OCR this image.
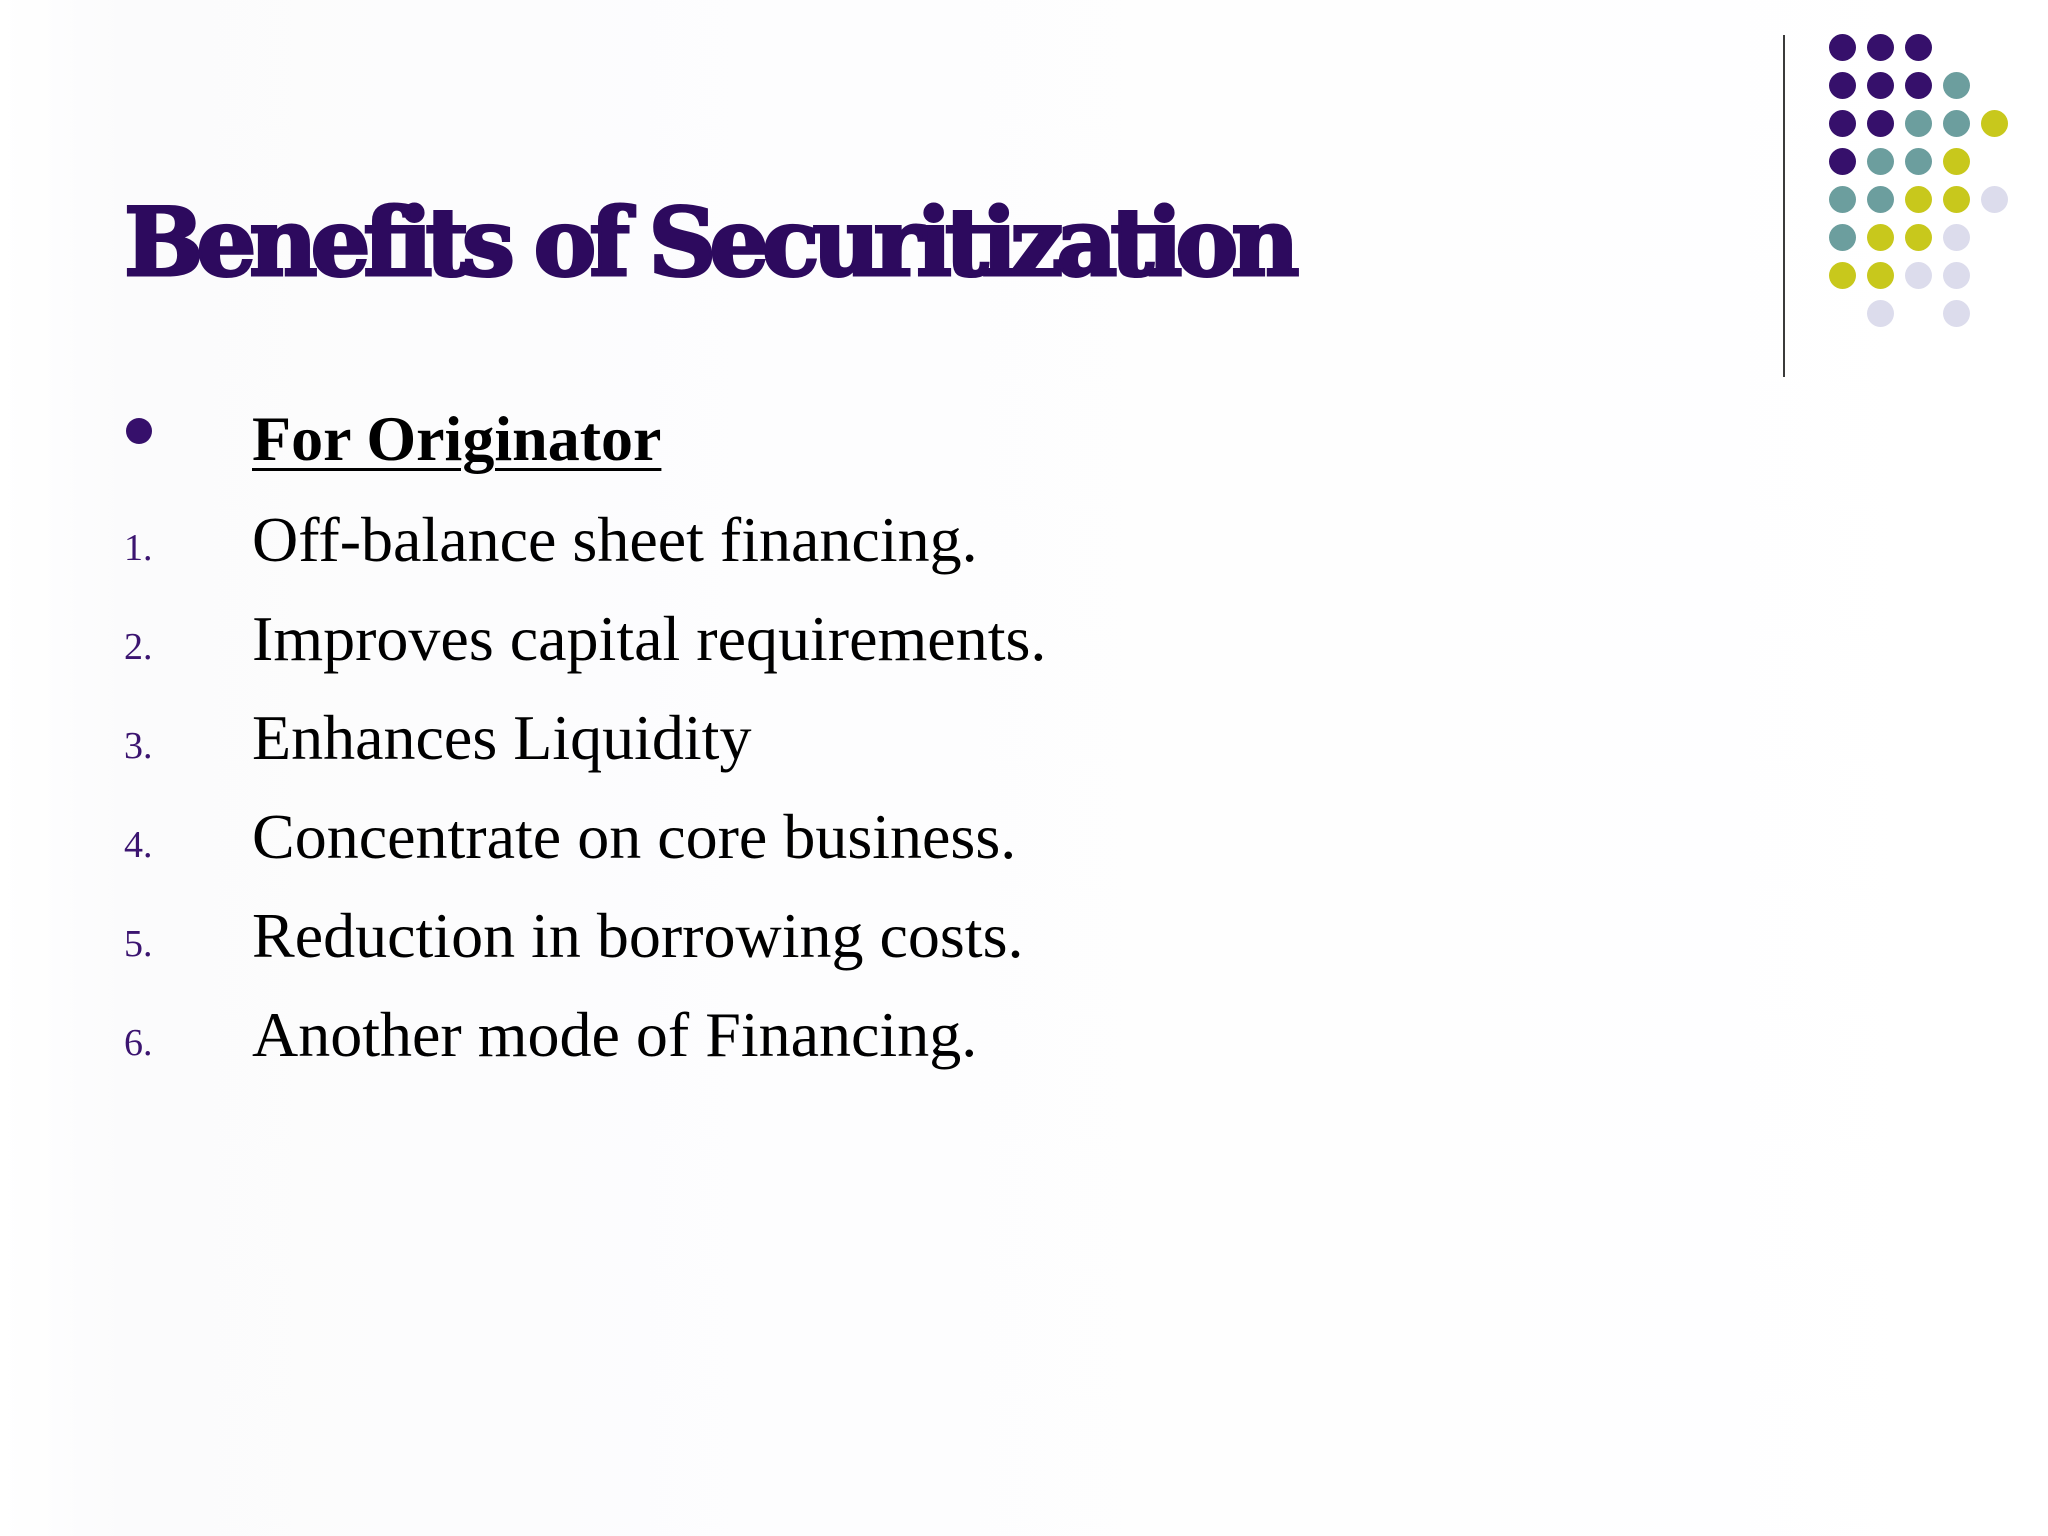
Benefits of Securitization
For Originator
1. Off-balance sheet financing.
2. Improves capital requirements.
3. Enhances Liquidity
4. Concentrate on core business.
5. Reduction in borrowing costs.
6. Another mode of Financing.
